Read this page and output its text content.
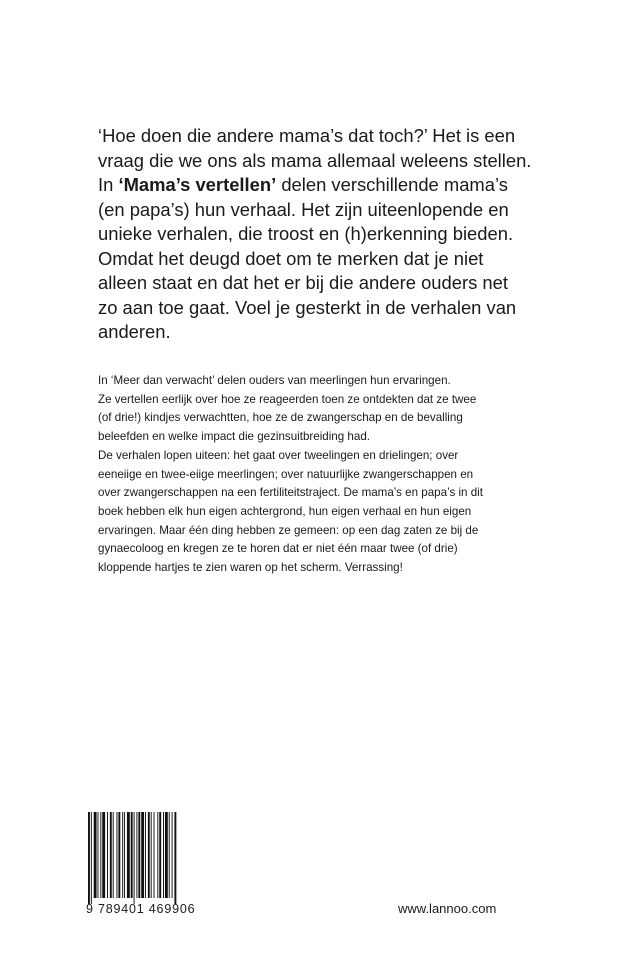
‘Hoe doen die andere mama’s dat toch?’ Het is een
vraag die we ons als mama allemaal weleens stellen.
In ‘Mama’s vertellen’ delen verschillende mama’s
(en papa’s) hun verhaal. Het zijn uiteenlopende en
unieke verhalen, die troost en (h)erkenning bieden.
Omdat het deugd doet om te merken dat je niet
alleen staat en dat het er bij die andere ouders net
zo aan toe gaat. Voel je gesterkt in de verhalen van
anderen.
In ‘Meer dan verwacht’ delen ouders van meerlingen hun ervaringen.
Ze vertellen eerlijk over hoe ze reageerden toen ze ontdekten dat ze twee
(of drie!) kindjes verwachtten, hoe ze de zwangerschap en de bevalling
beleefden en welke impact die gezinsuitbreiding had.
De verhalen lopen uiteen: het gaat over tweelingen en drielingen; over
eeneiige en twee-eiige meerlingen; over natuurlijke zwangerschappen en
over zwangerschappen na een fertiliteitstraject. De mama’s en papa’s in dit
boek hebben elk hun eigen achtergrond, hun eigen verhaal en hun eigen
ervaringen. Maar één ding hebben ze gemeen: op een dag zaten ze bij de
gynaecoloog en kregen ze te horen dat er niet één maar twee (of drie)
kloppende hartjes te zien waren op het scherm. Verrassing!
9 789401 469906	www.lannoo.com
